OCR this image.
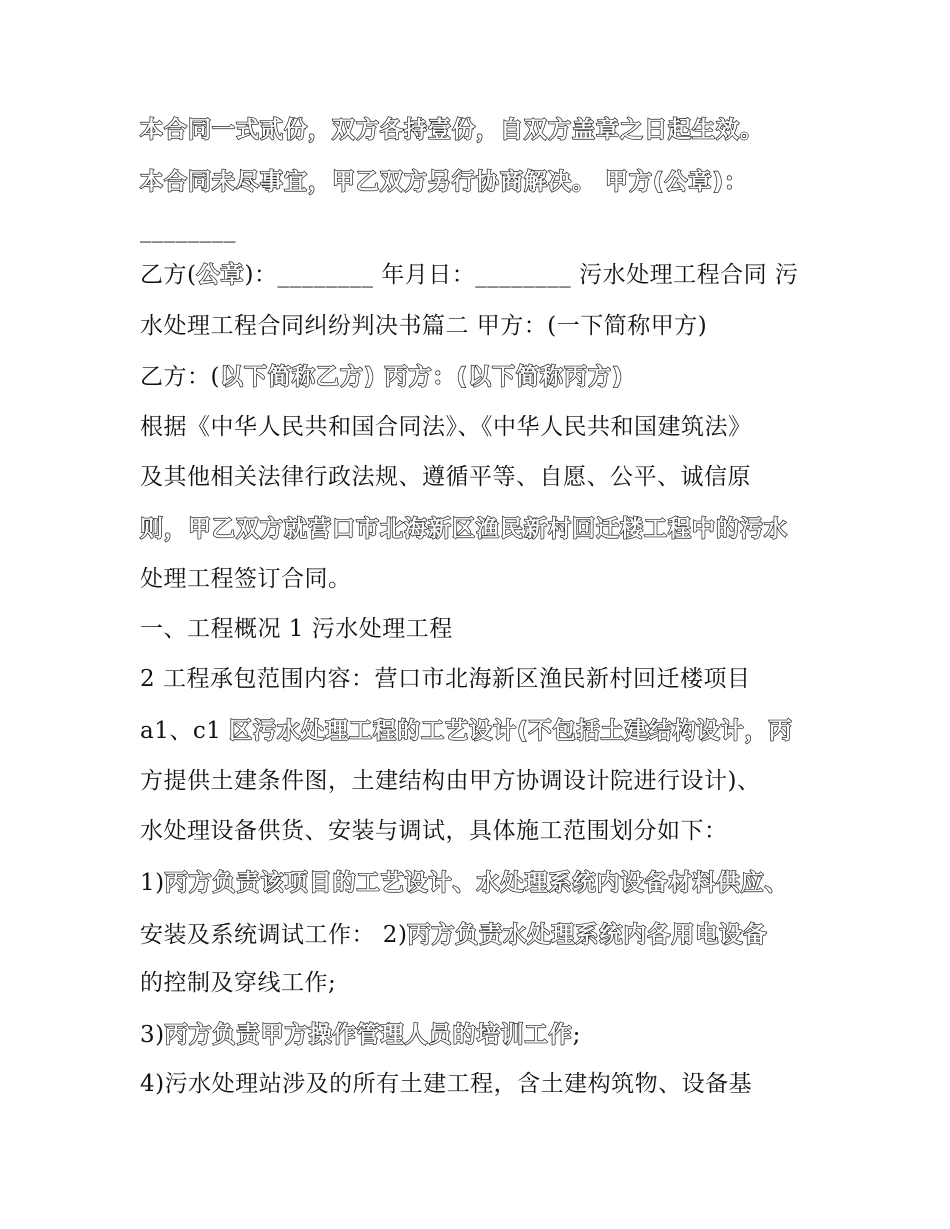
本合同一式贰份，双方各持壹份，自双方盖章之日起生效。
本合同未尽事宜，甲乙双方另行协商解决。 甲方(公章)：
________
乙方(公章)：________ 年月日：________ 污水处理工程合同 污
水处理工程合同纠纷判决书篇二 甲方：(一下简称甲方)
乙方：(以下简称乙方) 丙方：(以下简称丙方)
根据《中华人民共和国合同法》、《中华人民共和国建筑法》
及其他相关法律行政法规、遵循平等、自愿、公平、诚信原
则，甲乙双方就营口市北海新区渔民新村回迁楼工程中的污水
处理工程签订合同。
一、工程概况 1 污水处理工程
2 工程承包范围内容：营口市北海新区渔民新村回迁楼项目
a1、c1 区污水处理工程的工艺设计(不包括土建结构设计，丙
方提供土建条件图，土建结构由甲方协调设计院进行设计)、
水处理设备供货、安装与调试，具体施工范围划分如下：
1)丙方负责该项目的工艺设计、水处理系统内设备材料供应、
安装及系统调试工作： 2)丙方负责水处理系统内各用电设备
的控制及穿线工作;
3)丙方负责甲方操作管理人员的培训工作;
4)污水处理站涉及的所有土建工程，含土建构筑物、设备基
